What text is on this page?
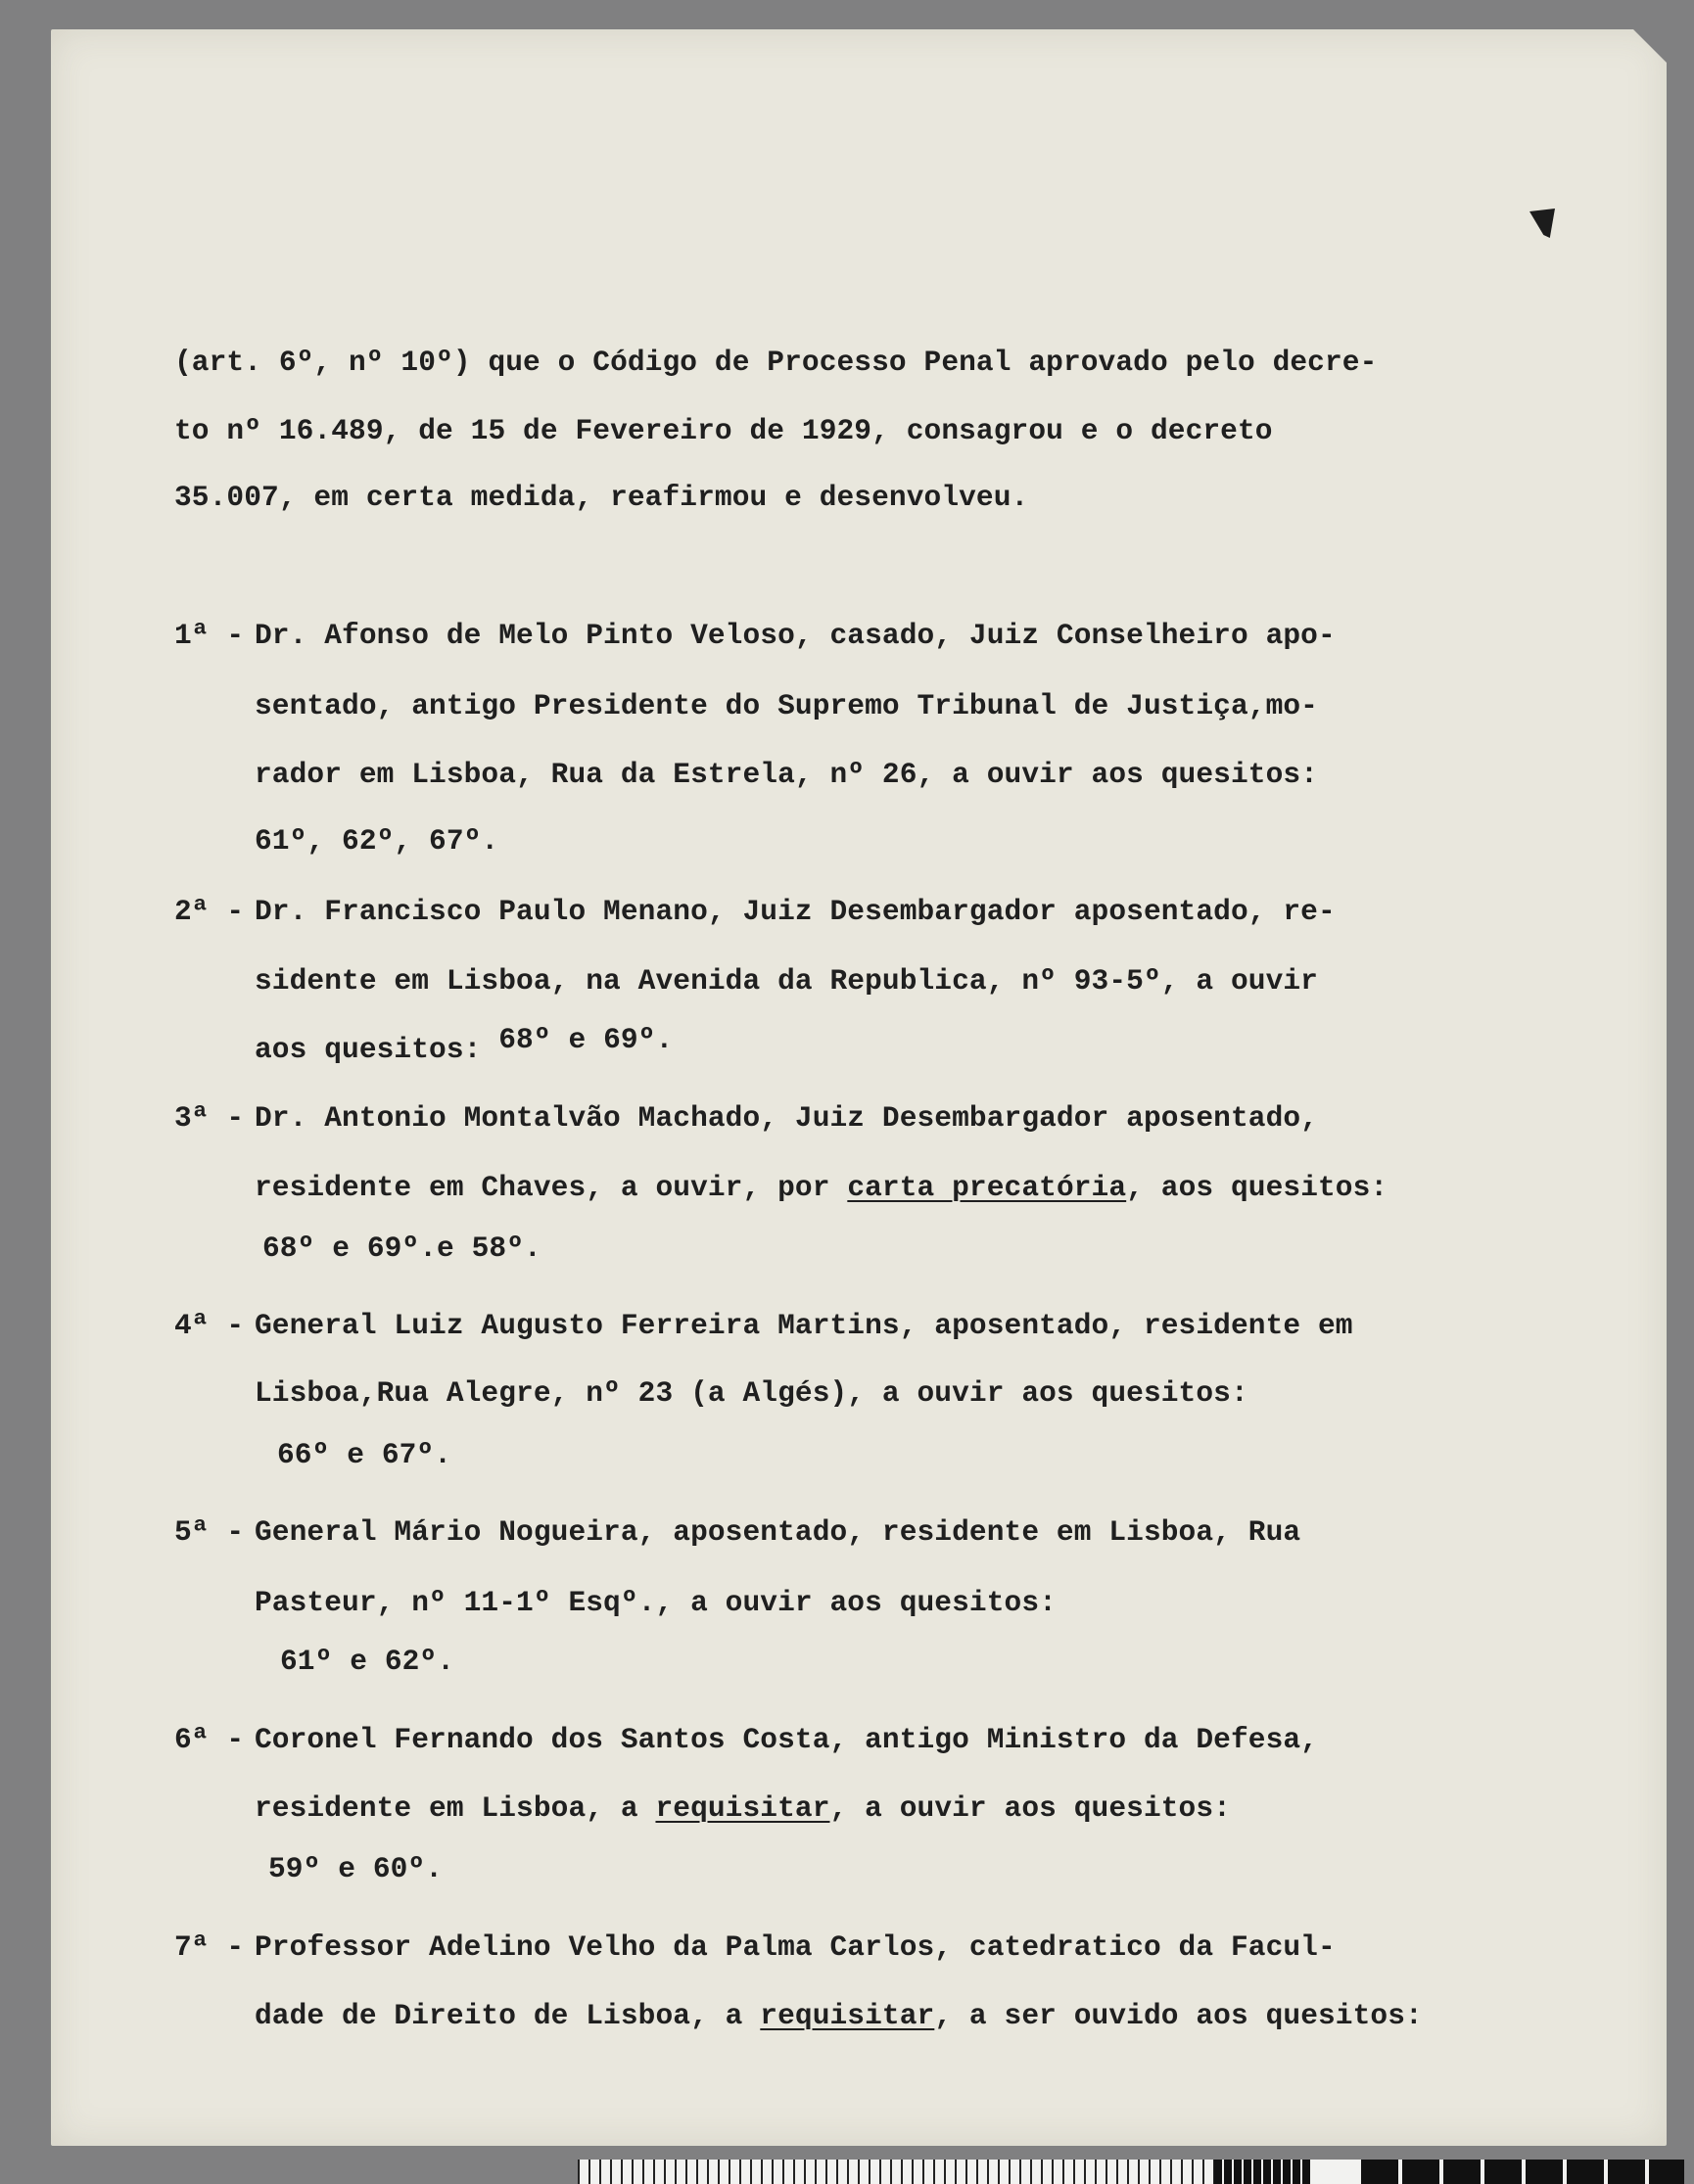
(art. 6º, nº 10º) que o Código de Processo Penal aprovado pelo decre-
to nº 16.489, de 15 de Fevereiro de 1929, consagrou e o decreto
35.007, em certa medida, reafirmou e desenvolveu.
1ª - Dr. Afonso de Melo Pinto Veloso, casado, Juiz Conselheiro apo-
sentado, antigo Presidente do Supremo Tribunal de Justiça,mo-
rador em Lisboa, Rua da Estrela, nº 26, a ouvir aos quesitos:
61º, 62º, 67º.
2ª - Dr. Francisco Paulo Menano, Juiz Desembargador aposentado, re-
sidente em Lisboa, na Avenida da Republica, nº 93-5º, a ouvir
aos quesitos: 68º e 69º.
3ª - Dr. Antonio Montalvão Machado, Juiz Desembargador aposentado,
residente em Chaves, a ouvir, por carta precatória, aos quesitos:
68º e 69º.e 58º.
4ª - General Luiz Augusto Ferreira Martins, aposentado, residente em
Lisboa,Rua Alegre, nº 23 (a Algés), a ouvir aos quesitos:
66º e 67º.
5ª - General Mário Nogueira, aposentado, residente em Lisboa, Rua
Pasteur, nº 11-1º Esqº., a ouvir aos quesitos:
61º e 62º.
6ª - Coronel Fernando dos Santos Costa, antigo Ministro da Defesa,
residente em Lisboa, a requisitar, a ouvir aos quesitos:
59º e 60º.
7ª - Professor Adelino Velho da Palma Carlos, catedratico da Facul-
dade de Direito de Lisboa, a requisitar, a ser ouvido aos quesitos:
